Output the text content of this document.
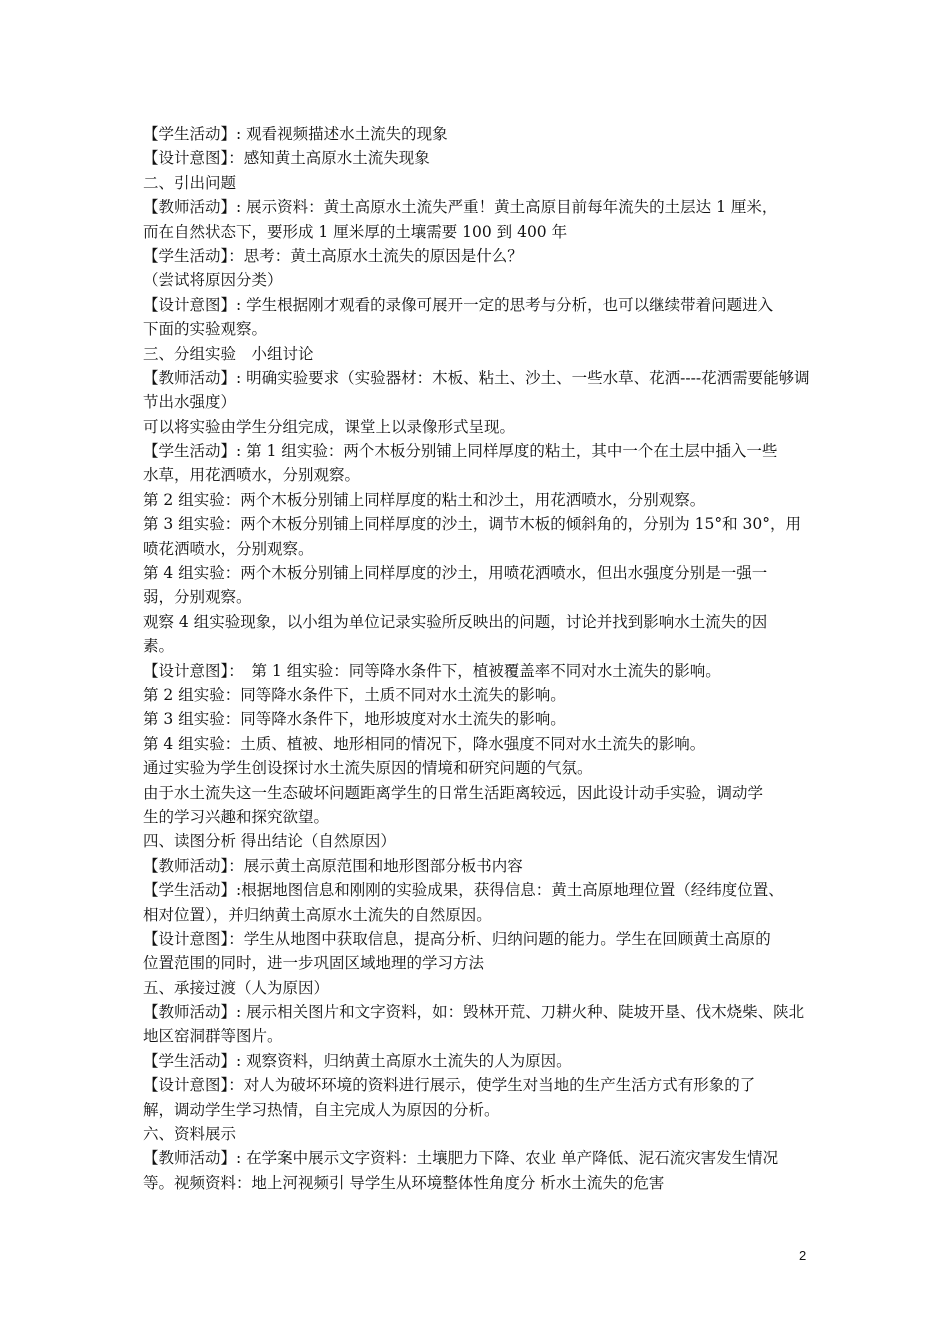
【学生活动】: 观看视频描述水土流失的现象
【设计意图】：感知黄土高原水土流失现象
二、引出问题
【教师活动】: 展示资料：黄土高原水土流失严重！黄土高原目前每年流失的土层达 1 厘米，
而在自然状态下，要形成 1 厘米厚的土壤需要 100 到 400 年
【学生活动】：思考：黄土高原水土流失的原因是什么？
（尝试将原因分类）
【设计意图】: 学生根据刚才观看的录像可展开一定的思考与分析，也可以继续带着问题进入
下面的实验观察。
三、分组实验　小组讨论
【教师活动】: 明确实验要求（实验器材：木板、粘土、沙土、一些水草、花洒----花洒需要能够调
节出水强度）
可以将实验由学生分组完成，课堂上以录像形式呈现。
【学生活动】: 第 1 组实验：两个木板分别铺上同样厚度的粘土，其中一个在土层中插入一些
水草，用花洒喷水，分别观察。
第 2 组实验：两个木板分别铺上同样厚度的粘土和沙土，用花洒喷水，分别观察。
第 3 组实验：两个木板分别铺上同样厚度的沙土，调节木板的倾斜角的，分别为 15°和 30°，用
喷花洒喷水，分别观察。
第 4 组实验：两个木板分别铺上同样厚度的沙土，用喷花洒喷水，但出水强度分别是一强一
弱，分别观察。
观察 4 组实验现象，以小组为单位记录实验所反映出的问题，讨论并找到影响水土流失的因
素。
【设计意图】：　第 1 组实验：同等降水条件下，植被覆盖率不同对水土流失的影响。
第 2 组实验：同等降水条件下，土质不同对水土流失的影响。
第 3 组实验：同等降水条件下，地形坡度对水土流失的影响。
第 4 组实验：土质、植被、地形相同的情况下，降水强度不同对水土流失的影响。
通过实验为学生创设探讨水土流失原因的情境和研究问题的气氛。
由于水土流失这一生态破坏问题距离学生的日常生活距离较远，因此设计动手实验，调动学
生的学习兴趣和探究欲望。
四、读图分析 得出结论（自然原因）
【教师活动】：展示黄土高原范围和地形图部分板书内容
【学生活动】:根据地图信息和刚刚的实验成果，获得信息：黄土高原地理位置（经纬度位置、
相对位置），并归纳黄土高原水土流失的自然原因。
【设计意图】：学生从地图中获取信息，提高分析、归纳问题的能力。学生在回顾黄土高原的
位置范围的同时，进一步巩固区域地理的学习方法
五、承接过渡（人为原因）
【教师活动】: 展示相关图片和文字资料，如：毁林开荒、刀耕火种、陡坡开垦、伐木烧柴、陕北
地区窑洞群等图片。
【学生活动】: 观察资料，归纳黄土高原水土流失的人为原因。
【设计意图】：对人为破坏环境的资料进行展示，使学生对当地的生产生活方式有形象的了
解，调动学生学习热情，自主完成人为原因的分析。
六、资料展示
【教师活动】: 在学案中展示文字资料：土壤肥力下降、农业 单产降低、泥石流灾害发生情况
等。视频资料：地上河视频引 导学生从环境整体性角度分 析水土流失的危害
2
